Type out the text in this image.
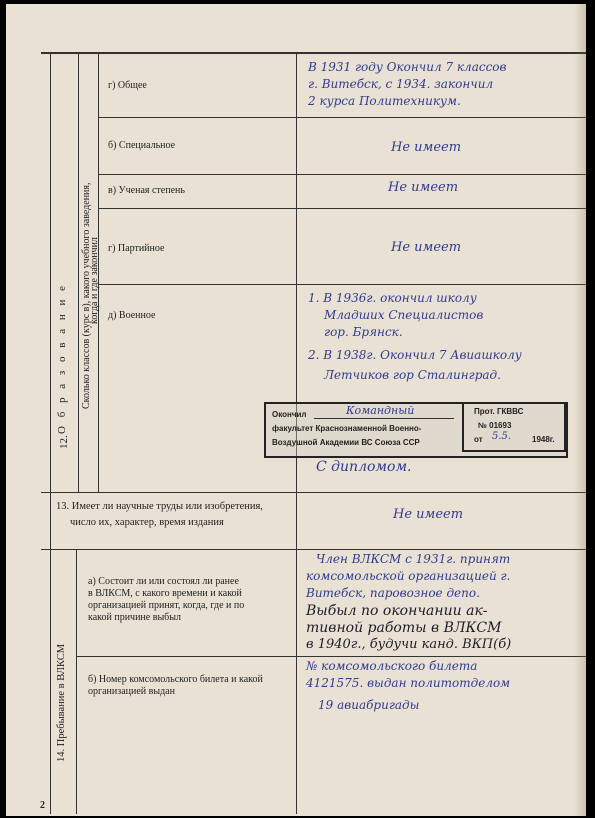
12.
О б р а з о в а н и е Сколько классов (курс в), какого учебного заведения,
когда и где закончил
г) Общее
б) Специальное
в) Ученая степень
г) Партийное
д) Военное
В 1931 году Окончил 7 классов
г. Витебск, с 1934. закончил
2 курса Политехникум.
Не имеет
Не имеет
Не имеет
1. В 1936г. окончил школу
Младших Специалистов
гор. Брянск.
2. В 1938г. Окончил 7 Авиашколу
Летчиков гор Сталинград.
Окончил	Командный
факультет Краснознаменной Военно-
Воздушной Академии ВС Союза ССР
Прот. ГКВВС
№ 01693
от 5.5.	1948г.
С дипломом.
13. Имеет ли научные труды или изобретения,
число их, характер, время издания
Не имеет
14. Пребывание в ВЛКСМ
а) Состоит ли или состоял ли ранее
в ВЛКСМ, с какого времени и какой
организацией принят, когда, где и по
какой причине выбыл
Член ВЛКСМ с 1931г. принят
комсомольской организацией г.
Витебск, паровозное депо.
Выбыл по окончании ак-
тивной работы в ВЛКСМ
в 1940г., будучи канд. ВКП(б)
б) Номер комсомольского билета и какой
организацией выдан
№ комсомольского билета
4121575. выдан политотделом
19 авиабригады
2
